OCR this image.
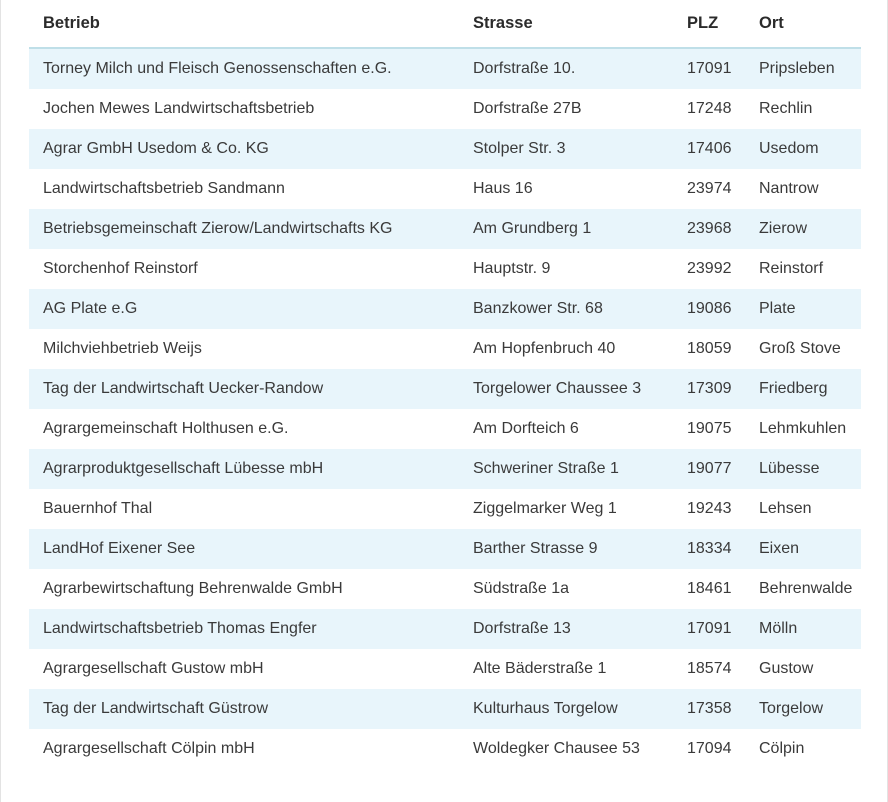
Betrieb	Strasse	PLZ	Ort
Torney Milch und Fleisch Genossenschaften e.G.	Dorfstraße 10.	17091	Pripsleben
Jochen Mewes Landwirtschaftsbetrieb	Dorfstraße 27B	17248	Rechlin
Agrar GmbH Usedom & Co. KG	Stolper Str. 3	17406	Usedom
Landwirtschaftsbetrieb Sandmann	Haus 16	23974	Nantrow
Betriebsgemeinschaft Zierow/Landwirtschafts KG	Am Grundberg 1	23968	Zierow
Storchenhof Reinstorf	Hauptstr. 9	23992	Reinstorf
AG Plate e.G	Banzkower Str. 68	19086	Plate
Milchviehbetrieb Weijs	Am Hopfenbruch 40	18059	Groß Stove
Tag der Landwirtschaft Uecker-Randow	Torgelower Chaussee 3	17309	Friedberg
Agrargemeinschaft Holthusen e.G.	Am Dorfteich 6	19075	Lehmkuhlen
Agrarproduktgesellschaft Lübesse mbH	Schweriner Straße 1	19077	Lübesse
Bauernhof Thal	Ziggelmarker Weg 1	19243	Lehsen
LandHof Eixener See	Barther Strasse 9	18334	Eixen
Agrarbewirtschaftung Behrenwalde GmbH	Südstraße 1a	18461	Behrenwalde
Landwirtschaftsbetrieb Thomas Engfer	Dorfstraße 13	17091	Mölln
Agrargesellschaft Gustow mbH	Alte Bäderstraße 1	18574	Gustow
Tag der Landwirtschaft Güstrow	Kulturhaus Torgelow	17358	Torgelow
Agrargesellschaft Cölpin mbH	Woldegker Chausee 53	17094	Cölpin
